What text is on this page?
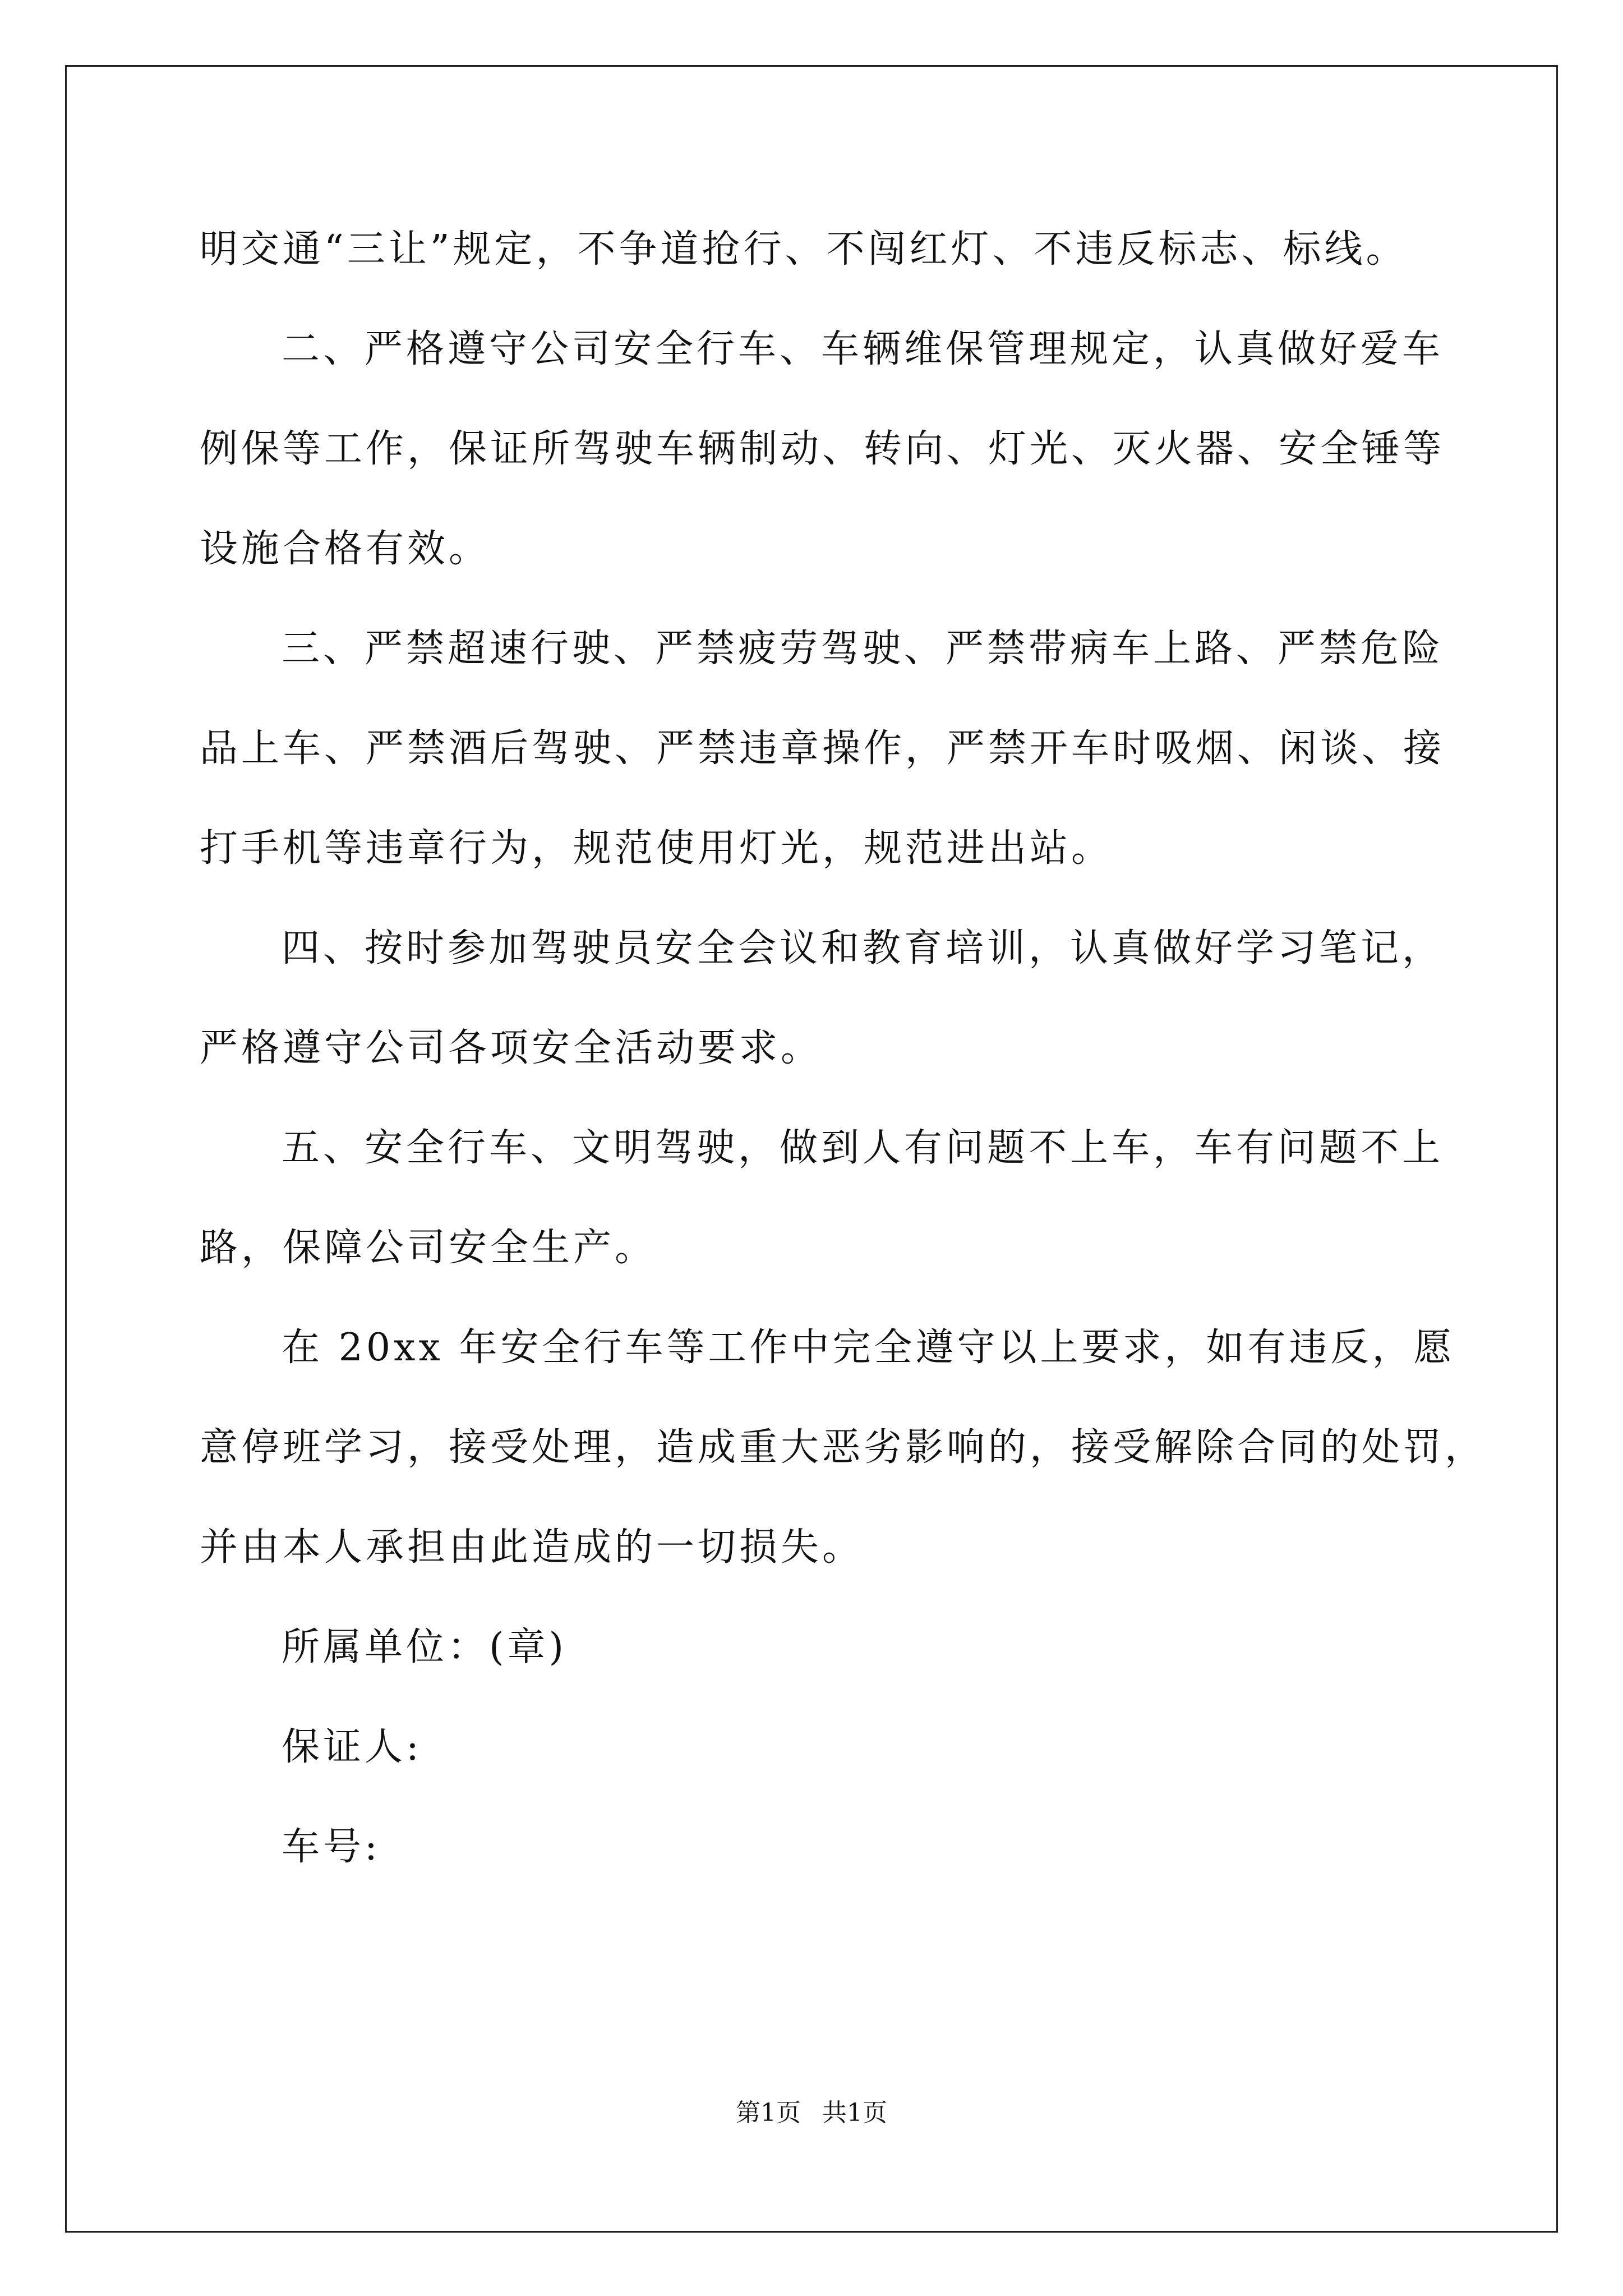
明交通“三让”规定，不争道抢行、不闯红灯、不违反标志、标线。
二、严格遵守公司安全行车、车辆维保管理规定，认真做好爱车
例保等工作，保证所驾驶车辆制动、转向、灯光、灭火器、安全锤等
设施合格有效。
三、严禁超速行驶、严禁疲劳驾驶、严禁带病车上路、严禁危险
品上车、严禁酒后驾驶、严禁违章操作，严禁开车时吸烟、闲谈、接
打手机等违章行为，规范使用灯光，规范进出站。
四、按时参加驾驶员安全会议和教育培训，认真做好学习笔记，
严格遵守公司各项安全活动要求。
五、安全行车、文明驾驶，做到人有问题不上车，车有问题不上
路，保障公司安全生产。
在 20xx 年安全行车等工作中完全遵守以上要求，如有违反，愿
意停班学习，接受处理，造成重大恶劣影响的，接受解除合同的处罚，
并由本人承担由此造成的一切损失。
所属单位：(章)
保证人:
车号:
第1页 共1页
